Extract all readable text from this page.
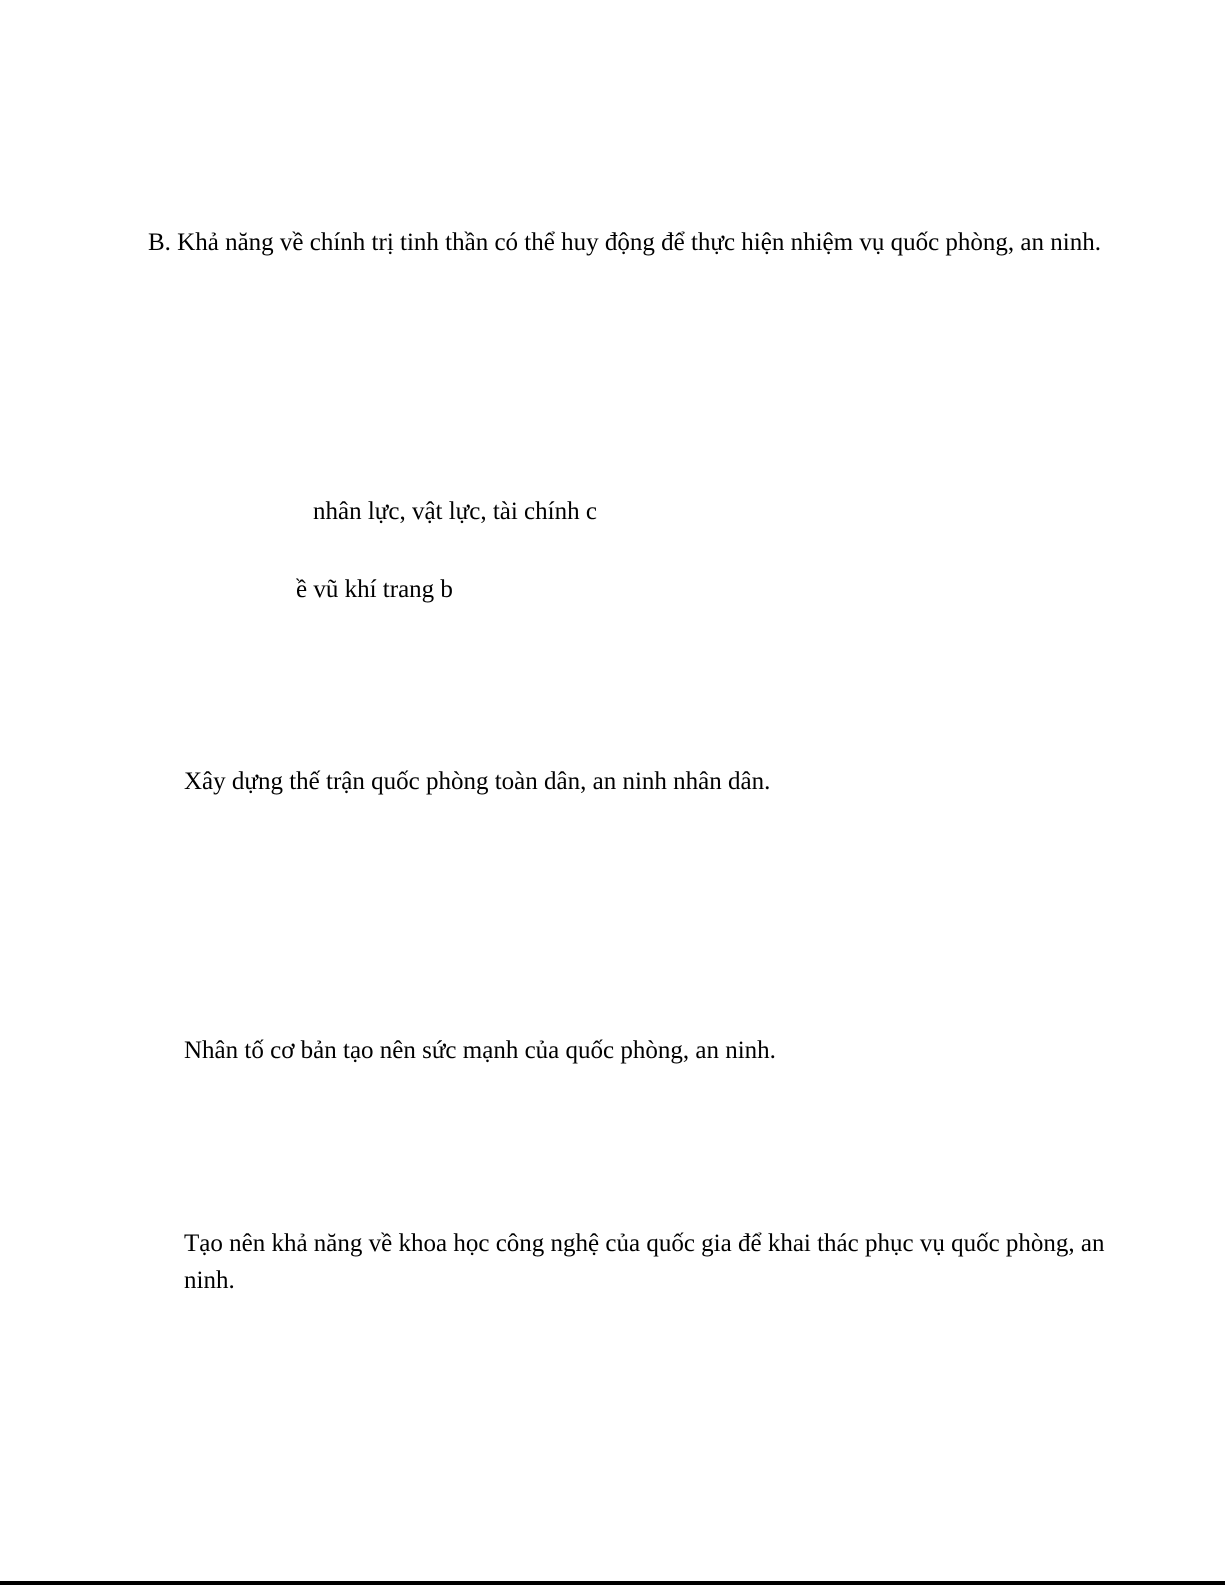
B. Khả năng về chính trị tinh thần có thể huy động để thực hiện nhiệm vụ quốc phòng, an ninh.
nhân lực, vật lực, tài chính c
ề vũ khí trang b
Xây dựng thế trận quốc phòng toàn dân, an ninh nhân dân.
Nhân tố cơ bản tạo nên sức mạnh của quốc phòng, an ninh.
Tạo nên khả năng về khoa học công nghệ của quốc gia để khai thác phục vụ quốc phòng, an ninh.
